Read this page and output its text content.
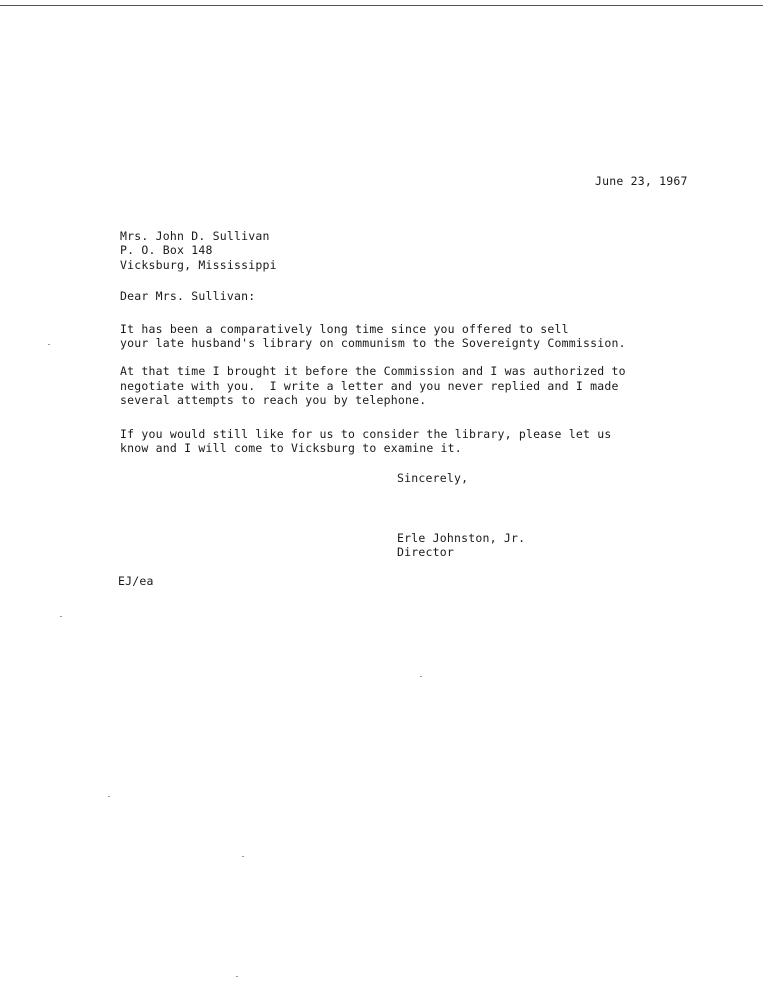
June 23, 1967
Mrs. John D. Sullivan
P. O. Box 148
Vicksburg, Mississippi
Dear Mrs. Sullivan:
It has been a comparatively long time since you offered to sell
your late husband's library on communism to the Sovereignty Commission.
At that time I brought it before the Commission and I was authorized to
negotiate with you.  I write a letter and you never replied and I made
several attempts to reach you by telephone.
If you would still like for us to consider the library, please let us
know and I will come to Vicksburg to examine it.
Sincerely,
Erle Johnston, Jr.
Director
EJ/ea
